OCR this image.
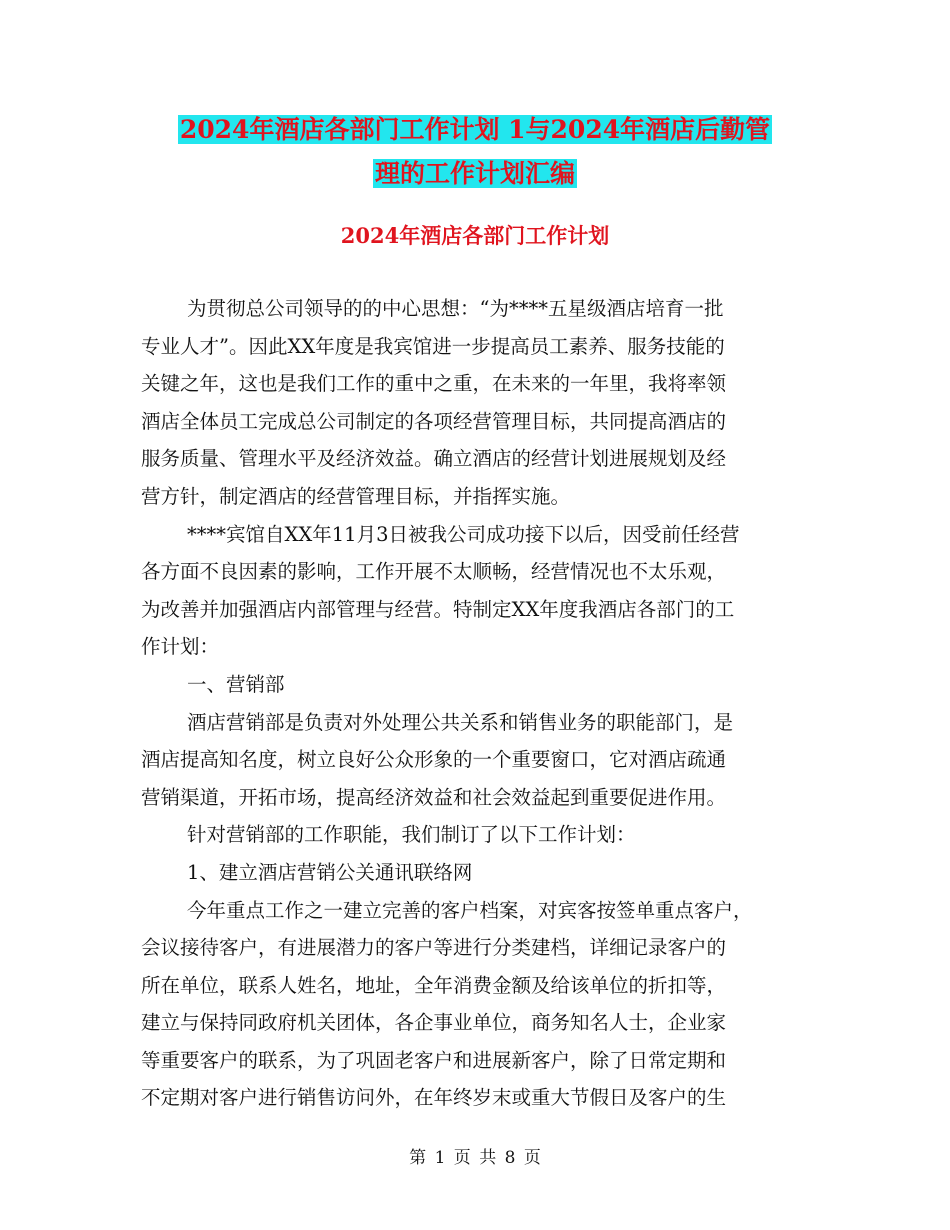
2024年酒店各部门工作计划 1与2024年酒店后勤管
理的工作计划汇编
2024年酒店各部门工作计划
为贯彻总公司领导的的中心思想：“为****五星级酒店培育一批
专业人才”。因此XX年度是我宾馆进一步提高员工素养、服务技能的
关键之年，这也是我们工作的重中之重，在未来的一年里，我将率领
酒店全体员工完成总公司制定的各项经营管理目标，共同提高酒店的
服务质量、管理水平及经济效益。确立酒店的经营计划进展规划及经
营方针，制定酒店的经营管理目标，并指挥实施。
****宾馆自XX年11月3日被我公司成功接下以后，因受前任经营
各方面不良因素的影响，工作开展不太顺畅，经营情况也不太乐观，
为改善并加强酒店内部管理与经营。特制定XX年度我酒店各部门的工
作计划：
一、营销部
酒店营销部是负责对外处理公共关系和销售业务的职能部门，是
酒店提高知名度，树立良好公众形象的一个重要窗口，它对酒店疏通
营销渠道，开拓市场，提高经济效益和社会效益起到重要促进作用。
针对营销部的工作职能，我们制订了以下工作计划：
1、建立酒店营销公关通讯联络网
今年重点工作之一建立完善的客户档案，对宾客按签单重点客户，
会议接待客户，有进展潜力的客户等进行分类建档，详细记录客户的
所在单位，联系人姓名，地址，全年消费金额及给该单位的折扣等，
建立与保持同政府机关团体，各企事业单位，商务知名人士，企业家
等重要客户的联系，为了巩固老客户和进展新客户，除了日常定期和
不定期对客户进行销售访问外，在年终岁末或重大节假日及客户的生
第 1 页 共 8 页
